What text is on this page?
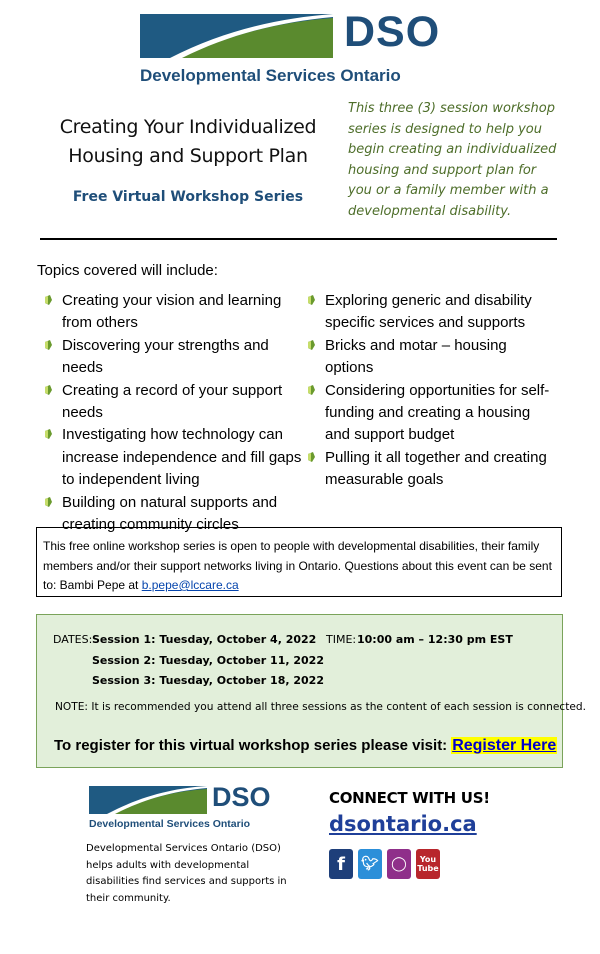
DSO
Developmental Services Ontario
Creating Your Individualized
Housing and Support Plan
Free Virtual Workshop Series
This three (3) session workshop series is designed to help you begin creating an individualized housing and support plan for you or a family member with a developmental disability.
Topics covered will include:
Creating your vision and learning from others
Discovering your strengths and needs
Creating a record of your support needs
Investigating how technology can increase independence and fill gaps to independent living
Building on natural supports and creating community circles
Exploring generic and disability specific services and supports
Bricks and motar – housing options
Considering opportunities for self-funding and creating a housing and support budget
Pulling it all together and creating measurable goals
This free online workshop series is open to people with developmental disabilities, their family members and/or their support networks living in Ontario. Questions about this event can be sent to: Bambi Pepe at b.pepe@lccare.ca
DATES: Session 1: Tuesday, October 4, 2022
Session 2: Tuesday, October 11, 2022
Session 3: Tuesday, October 18, 2022
TIME: 10:00 am – 12:30 pm EST
NOTE: It is recommended you attend all three sessions as the content of each session is connected.
To register for this virtual workshop series please visit: Register Here
DSO
Developmental Services Ontario
Developmental Services Ontario (DSO) helps adults with developmental disabilities find services and supports in their community.
CONNECT WITH US!
dsontario.ca
f	🐦︎ ◯	You Tube
